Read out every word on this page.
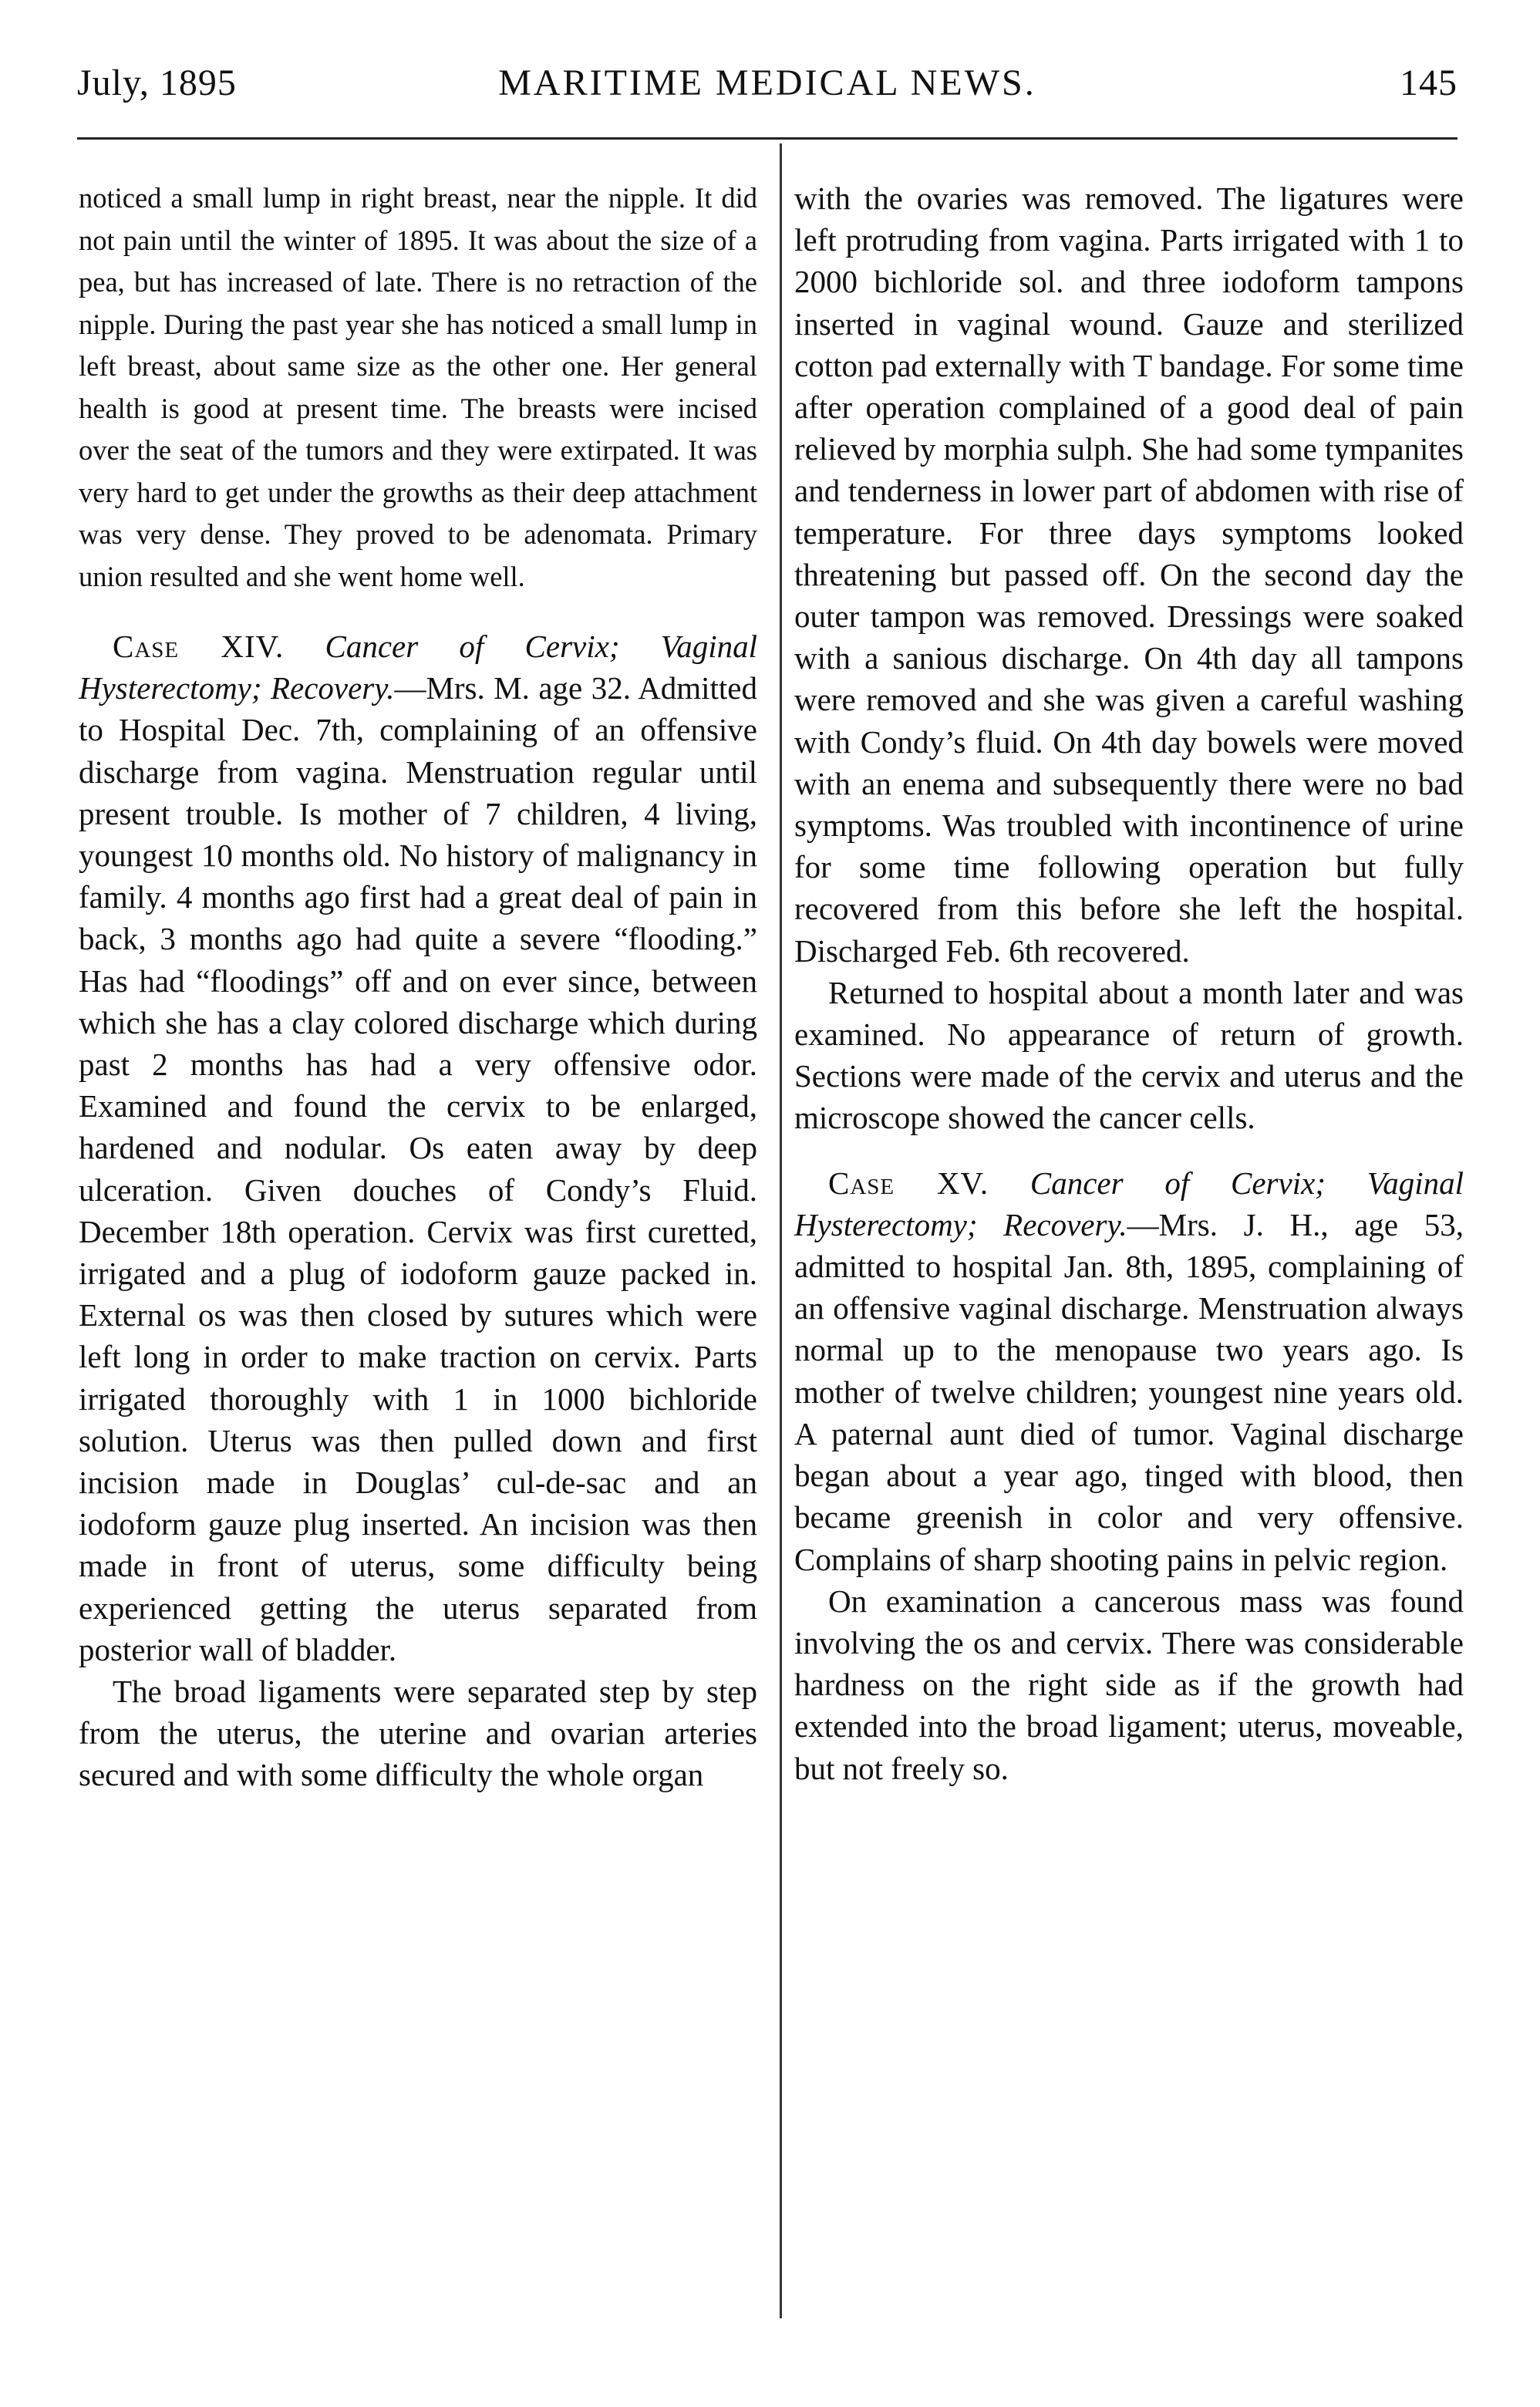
July, 1895	MARITIME MEDICAL NEWS.	145

noticed a small lump in right breast, near the nipple. It did not pain until the winter of 1895. It was about the size of a pea, but has increased of late. There is no retraction of the nipple. During the past year she has noticed a small lump in left breast, about same size as the other one. Her general health is good at present time. The breasts were incised over the seat of the tumors and they were extirpated. It was very hard to get under the growths as their deep attachment was very dense. They proved to be adenomata. Primary union resulted and she went home well.

Case XIV. Cancer of Cervix; Vaginal Hysterectomy; Recovery.—Mrs. M. age 32. Admitted to Hospital Dec. 7th, complaining of an offensive discharge from vagina. Menstruation regular until present trouble. Is mother of 7 children, 4 living, youngest 10 months old. No history of malignancy in family. 4 months ago first had a great deal of pain in back, 3 months ago had quite a severe “flooding.” Has had “floodings” off and on ever since, between which she has a clay colored discharge which during past 2 months has had a very offensive odor. Examined and found the cervix to be enlarged, hardened and nodular. Os eaten away by deep ulceration. Given douches of Condy’s Fluid. December 18th operation. Cervix was first curetted, irrigated and a plug of iodoform gauze packed in. External os was then closed by sutures which were left long in order to make traction on cervix. Parts irrigated thoroughly with 1 in 1000 bichloride solution. Uterus was then pulled down and first incision made in Douglas’ cul-de-sac and an iodoform gauze plug inserted. An incision was then made in front of uterus, some difficulty being experienced getting the uterus separated from posterior wall of bladder.

The broad ligaments were separated step by step from the uterus, the uterine and ovarian arteries secured and with some difficulty the whole organ

with the ovaries was removed. The ligatures were left protruding from vagina. Parts irrigated with 1 to 2000 bichloride sol. and three iodoform tampons inserted in vaginal wound. Gauze and sterilized cotton pad externally with T bandage. For some time after operation complained of a good deal of pain relieved by morphia sulph. She had some tympanites and tenderness in lower part of abdomen with rise of temperature. For three days symptoms looked threatening but passed off. On the second day the outer tampon was removed. Dressings were soaked with a sanious discharge. On 4th day all tampons were removed and she was given a careful washing with Condy’s fluid. On 4th day bowels were moved with an enema and subsequently there were no bad symptoms. Was troubled with incontinence of urine for some time following operation but fully recovered from this before she left the hospital. Discharged Feb. 6th recovered.

Returned to hospital about a month later and was examined. No appearance of return of growth. Sections were made of the cervix and uterus and the microscope showed the cancer cells.

Case XV. Cancer of Cervix; Vaginal Hysterectomy; Recovery.—Mrs. J. H., age 53, admitted to hospital Jan. 8th, 1895, complaining of an offensive vaginal discharge. Menstruation always normal up to the menopause two years ago. Is mother of twelve children; youngest nine years old. A paternal aunt died of tumor. Vaginal discharge began about a year ago, tinged with blood, then became greenish in color and very offensive. Complains of sharp shooting pains in pelvic region.

On examination a cancerous mass was found involving the os and cervix. There was considerable hardness on the right side as if the growth had extended into the broad ligament; uterus, moveable, but not freely so.
